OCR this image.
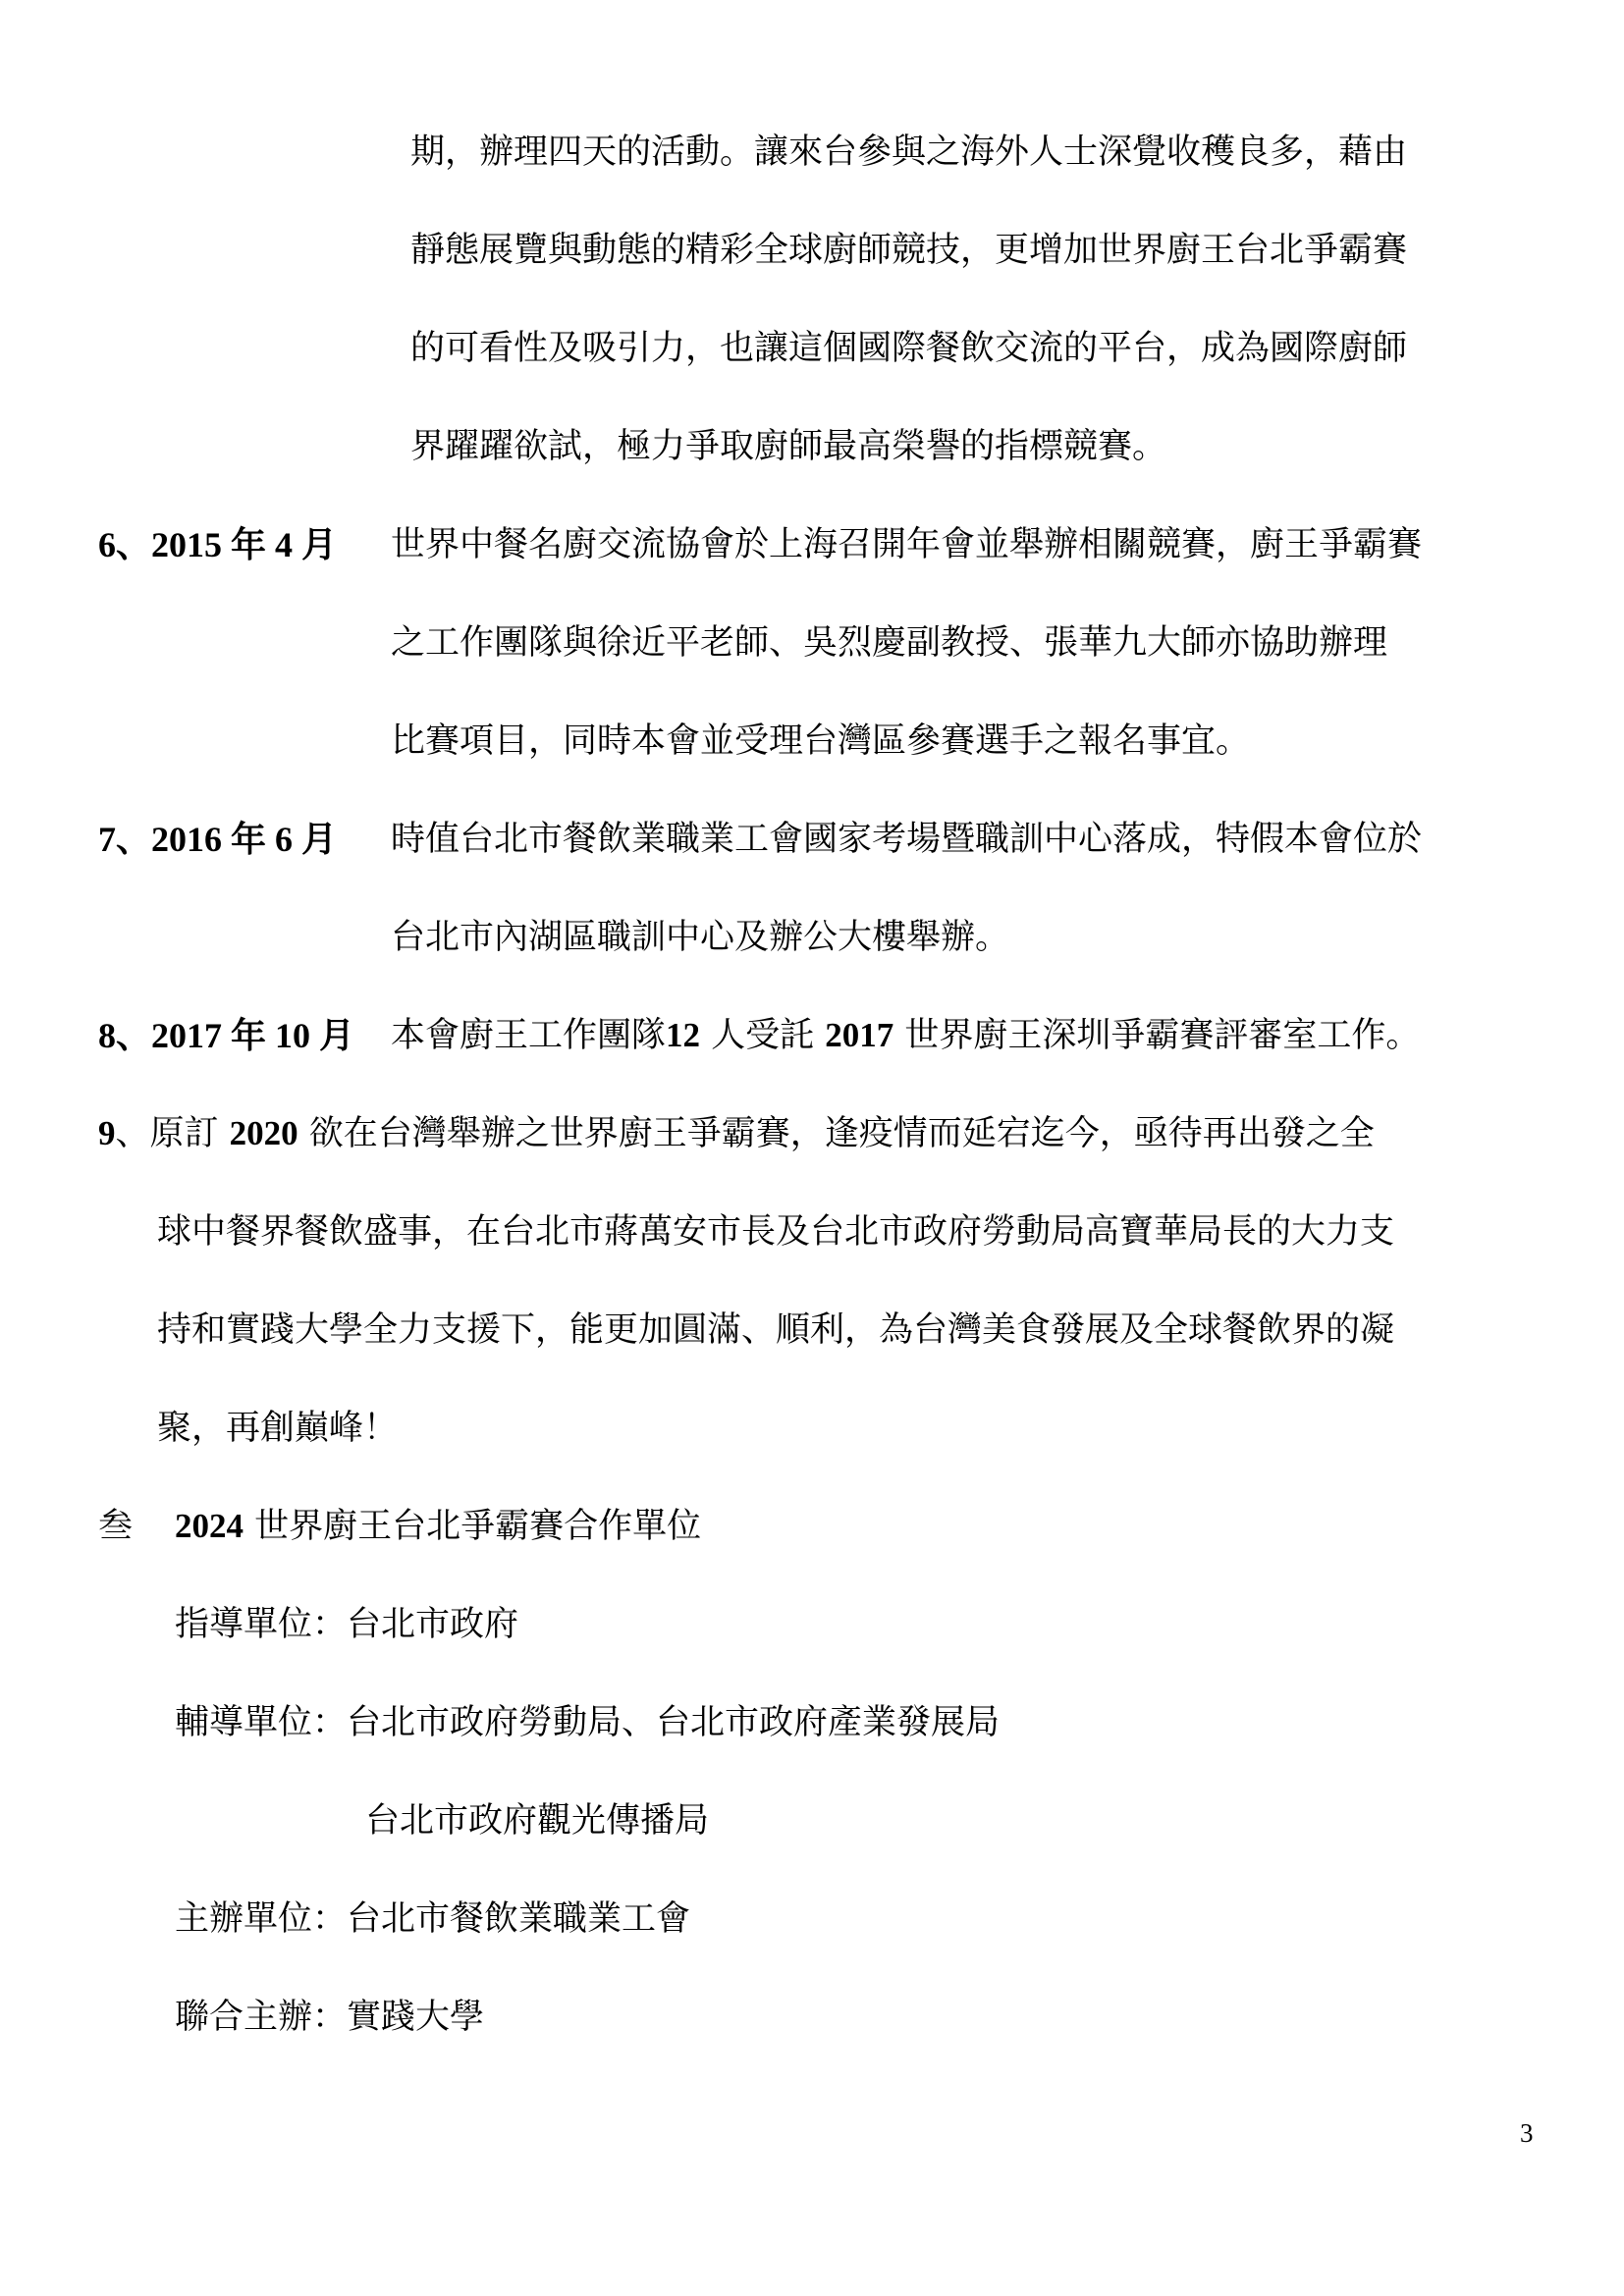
期，辦理四天的活動。讓來台參與之海外人士深覺收穫良多，藉由
靜態展覽與動態的精彩全球廚師競技，更增加世界廚王台北爭霸賽
的可看性及吸引力，也讓這個國際餐飲交流的平台，成為國際廚師
界躍躍欲試，極力爭取廚師最高榮譽的指標競賽。
6、2015 年 4 月 世界中餐名廚交流協會於上海召開年會並舉辦相關競賽，廚王爭霸賽
之工作團隊與徐近平老師、吳烈慶副教授、張華九大師亦協助辦理
比賽項目，同時本會並受理台灣區參賽選手之報名事宜。
7、2016 年 6 月 時值台北市餐飲業職業工會國家考場暨職訓中心落成，特假本會位於
台北市內湖區職訓中心及辦公大樓舉辦。
8、2017 年 10 月 本會廚王工作團隊12 人受託 2017 世界廚王深圳爭霸賽評審室工作。
9、原訂 2020 欲在台灣舉辦之世界廚王爭霸賽，逢疫情而延宕迄今，亟待再出發之全
球中餐界餐飲盛事，在台北市蔣萬安市長及台北市政府勞動局高寶華局長的大力支
持和實踐大學全力支援下，能更加圓滿、順利，為台灣美食發展及全球餐飲界的凝
聚，再創巔峰！
叁 2024 世界廚王台北爭霸賽合作單位
指導單位：台北市政府
輔導單位：台北市政府勞動局、台北市政府產業發展局
台北市政府觀光傳播局
主辦單位：台北市餐飲業職業工會
聯合主辦：實踐大學
3
